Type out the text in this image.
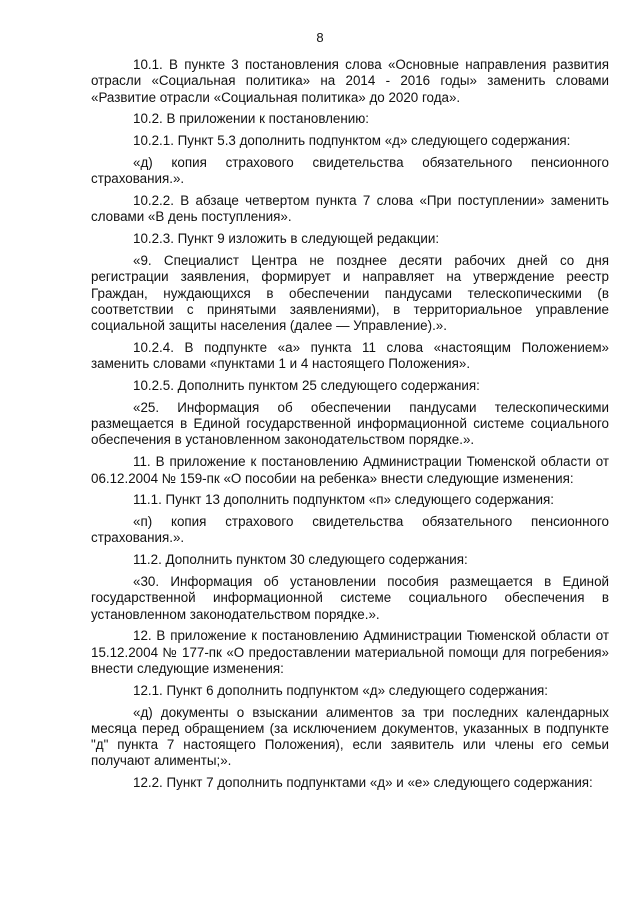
8

10.1. В пункте 3 постановления слова «Основные направления развития отрасли «Социальная политика» на 2014 - 2016 годы» заменить словами «Развитие отрасли «Социальная политика» до 2020 года».

10.2. В приложении к постановлению:

10.2.1. Пункт 5.3 дополнить подпунктом «д» следующего содержания:

«д) копия страхового свидетельства обязательного пенсионного страхования.».

10.2.2. В абзаце четвертом пункта 7 слова «При поступлении» заменить словами «В день поступления».

10.2.3. Пункт 9 изложить в следующей редакции:

«9. Специалист Центра не позднее десяти рабочих дней со дня регистрации заявления, формирует и направляет на утверждение реестр Граждан, нуждающихся в обеспечении пандусами телескопическими (в соответствии с принятыми заявлениями), в территориальное управление социальной защиты населения (далее — Управление).».

10.2.4. В подпункте «а» пункта 11 слова «настоящим Положением» заменить словами «пунктами 1 и 4 настоящего Положения».

10.2.5. Дополнить пунктом 25 следующего содержания:

«25. Информация об обеспечении пандусами телескопическими размещается в Единой государственной информационной системе социального обеспечения в установленном законодательством порядке.».

11. В приложение к постановлению Администрации Тюменской области от 06.12.2004 № 159-пк «О пособии на ребенка» внести следующие изменения:

11.1. Пункт 13 дополнить подпунктом «п» следующего содержания:

«п) копия страхового свидетельства обязательного пенсионного страхования.».

11.2. Дополнить пунктом 30 следующего содержания:

«30. Информация об установлении пособия размещается в Единой государственной информационной системе социального обеспечения в установленном законодательством порядке.».

12. В приложение к постановлению Администрации Тюменской области от 15.12.2004 № 177-пк «О предоставлении материальной помощи для погребения» внести следующие изменения:

12.1. Пункт 6 дополнить подпунктом «д» следующего содержания:

«д) документы о взыскании алиментов за три последних календарных месяца перед обращением (за исключением документов, указанных в подпункте "д" пункта 7 настоящего Положения), если заявитель или члены его семьи получают алименты;».

12.2. Пункт 7 дополнить подпунктами «д» и «е» следующего содержания:
